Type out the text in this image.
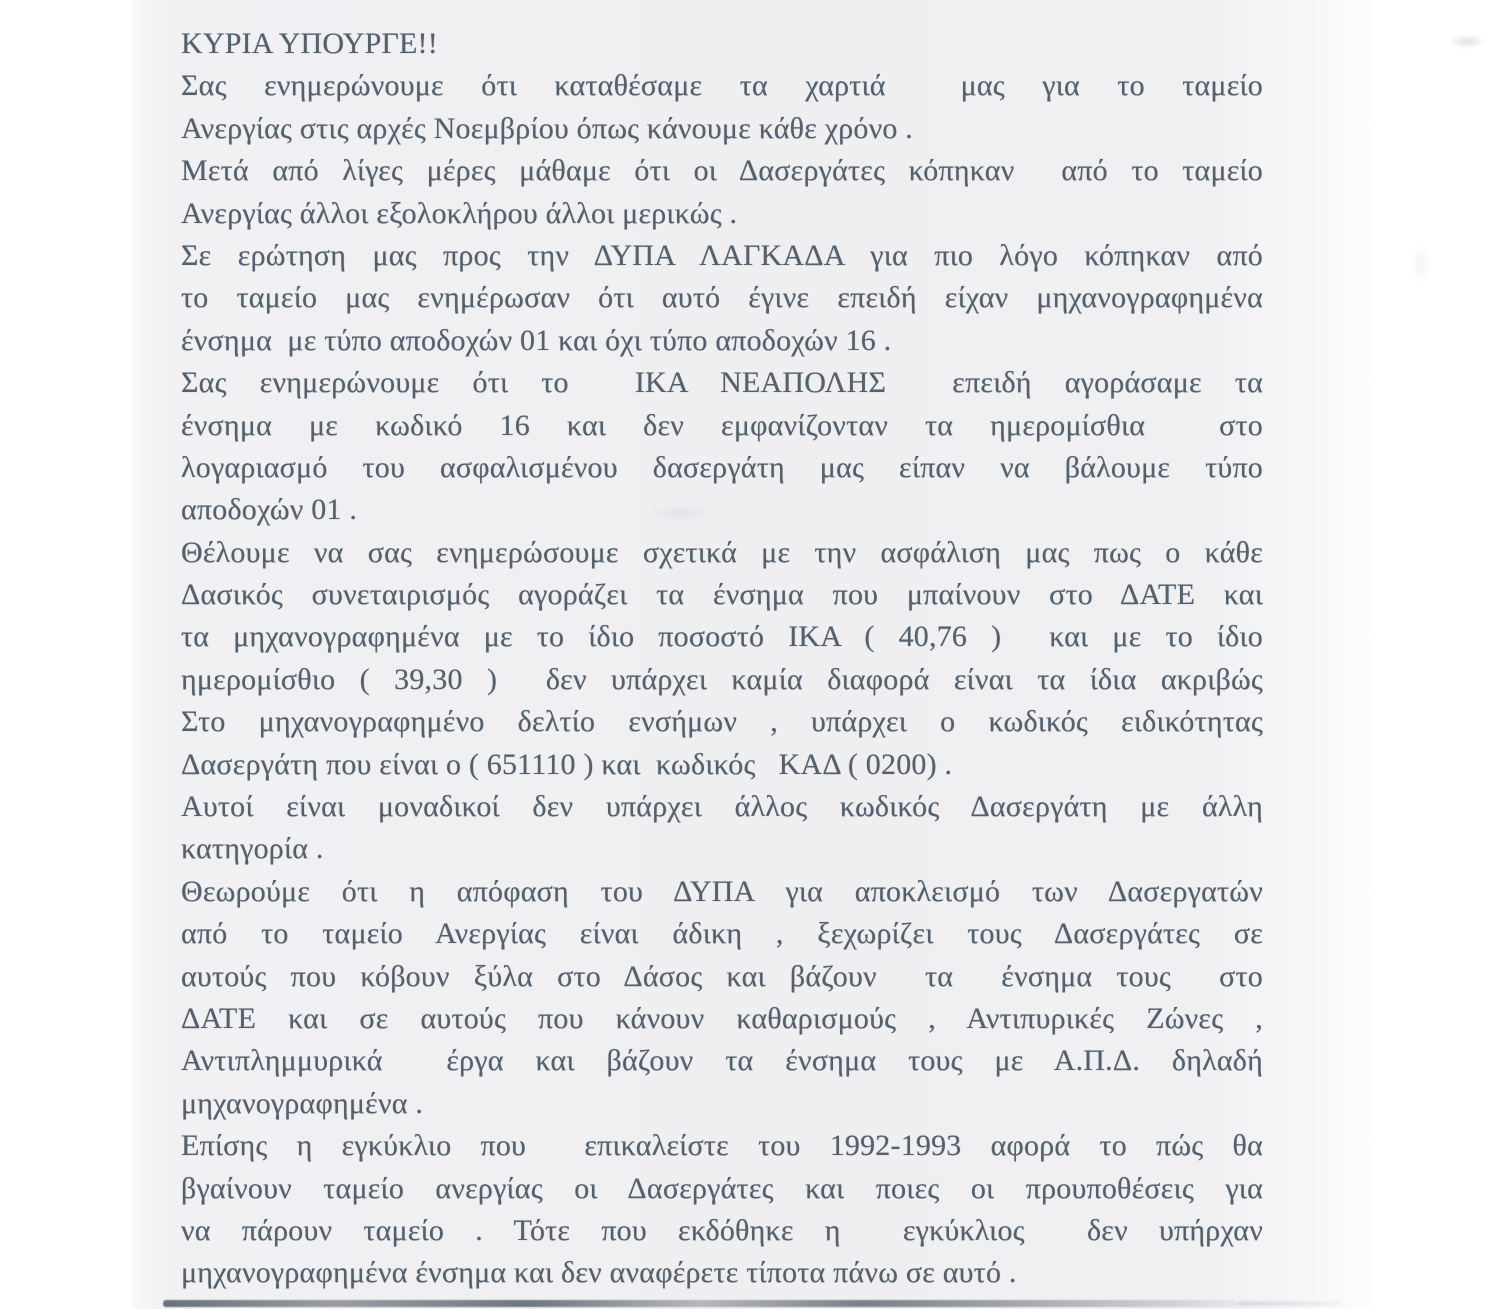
ΚΥΡΙΑ ΥΠΟΥΡΓΕ!!
Σας ενημερώνουμε ότι καταθέσαμε τα χαρτιά  μας για το ταμείο
Ανεργίας στις αρχές Νοεμβρίου όπως κάνουμε κάθε χρόνο .
Μετά από λίγες μέρες μάθαμε ότι οι Δασεργάτες κόπηκαν  από το ταμείο
Ανεργίας άλλοι εξολοκλήρου άλλοι μερικώς .
Σε ερώτηση μας προς την ΔΥΠΑ ΛΑΓΚΑΔΑ για πιο λόγο κόπηκαν από
το ταμείο μας ενημέρωσαν ότι αυτό έγινε επειδή είχαν μηχανογραφημένα
ένσημα  με τύπο αποδοχών 01 και όχι τύπο αποδοχών 16 .
Σας ενημερώνουμε ότι το  ΙΚΑ ΝΕΑΠΟΛΗΣ  επειδή αγοράσαμε τα
ένσημα με κωδικό 16 και δεν εμφανίζονταν τα ημερομίσθια  στο
λογαριασμό του ασφαλισμένου δασεργάτη μας είπαν να βάλουμε τύπο
αποδοχών 01 .
Θέλουμε να σας ενημερώσουμε σχετικά με την ασφάλιση μας πως ο κάθε
Δασικός συνεταιρισμός αγοράζει τα ένσημα που μπαίνουν στο ΔΑΤΕ και
τα μηχανογραφημένα με το ίδιο ποσοστό ΙΚΑ ( 40,76 )  και με το ίδιο
ημερομίσθιο ( 39,30 )  δεν υπάρχει καμία διαφορά είναι τα ίδια ακριβώς
Στο μηχανογραφημένο δελτίο ενσήμων , υπάρχει ο κωδικός ειδικότητας
Δασεργάτη που είναι ο ( 651110 ) και  κωδικός   ΚΑΔ ( 0200) .
Αυτοί είναι μοναδικοί δεν υπάρχει άλλος κωδικός Δασεργάτη με άλλη
κατηγορία .
Θεωρούμε ότι η απόφαση του ΔΥΠΑ για αποκλεισμό των Δασεργατών
από το ταμείο Ανεργίας είναι άδικη , ξεχωρίζει τους Δασεργάτες σε
αυτούς που κόβουν ξύλα στο Δάσος και βάζουν  τα  ένσημα τους  στο
ΔΑΤΕ και σε αυτούς που κάνουν καθαρισμούς , Αντιπυρικές Ζώνες ,
Αντιπλημμυρικά  έργα και βάζουν τα ένσημα τους με Α.Π.Δ. δηλαδή
μηχανογραφημένα .
Επίσης η εγκύκλιο που  επικαλείστε του 1992-1993 αφορά το πώς θα
βγαίνουν ταμείο ανεργίας οι Δασεργάτες και ποιες οι προυποθέσεις για
να πάρουν ταμείο . Τότε που εκδόθηκε η  εγκύκλιος  δεν υπήρχαν
μηχανογραφημένα ένσημα και δεν αναφέρετε τίποτα πάνω σε αυτό .
